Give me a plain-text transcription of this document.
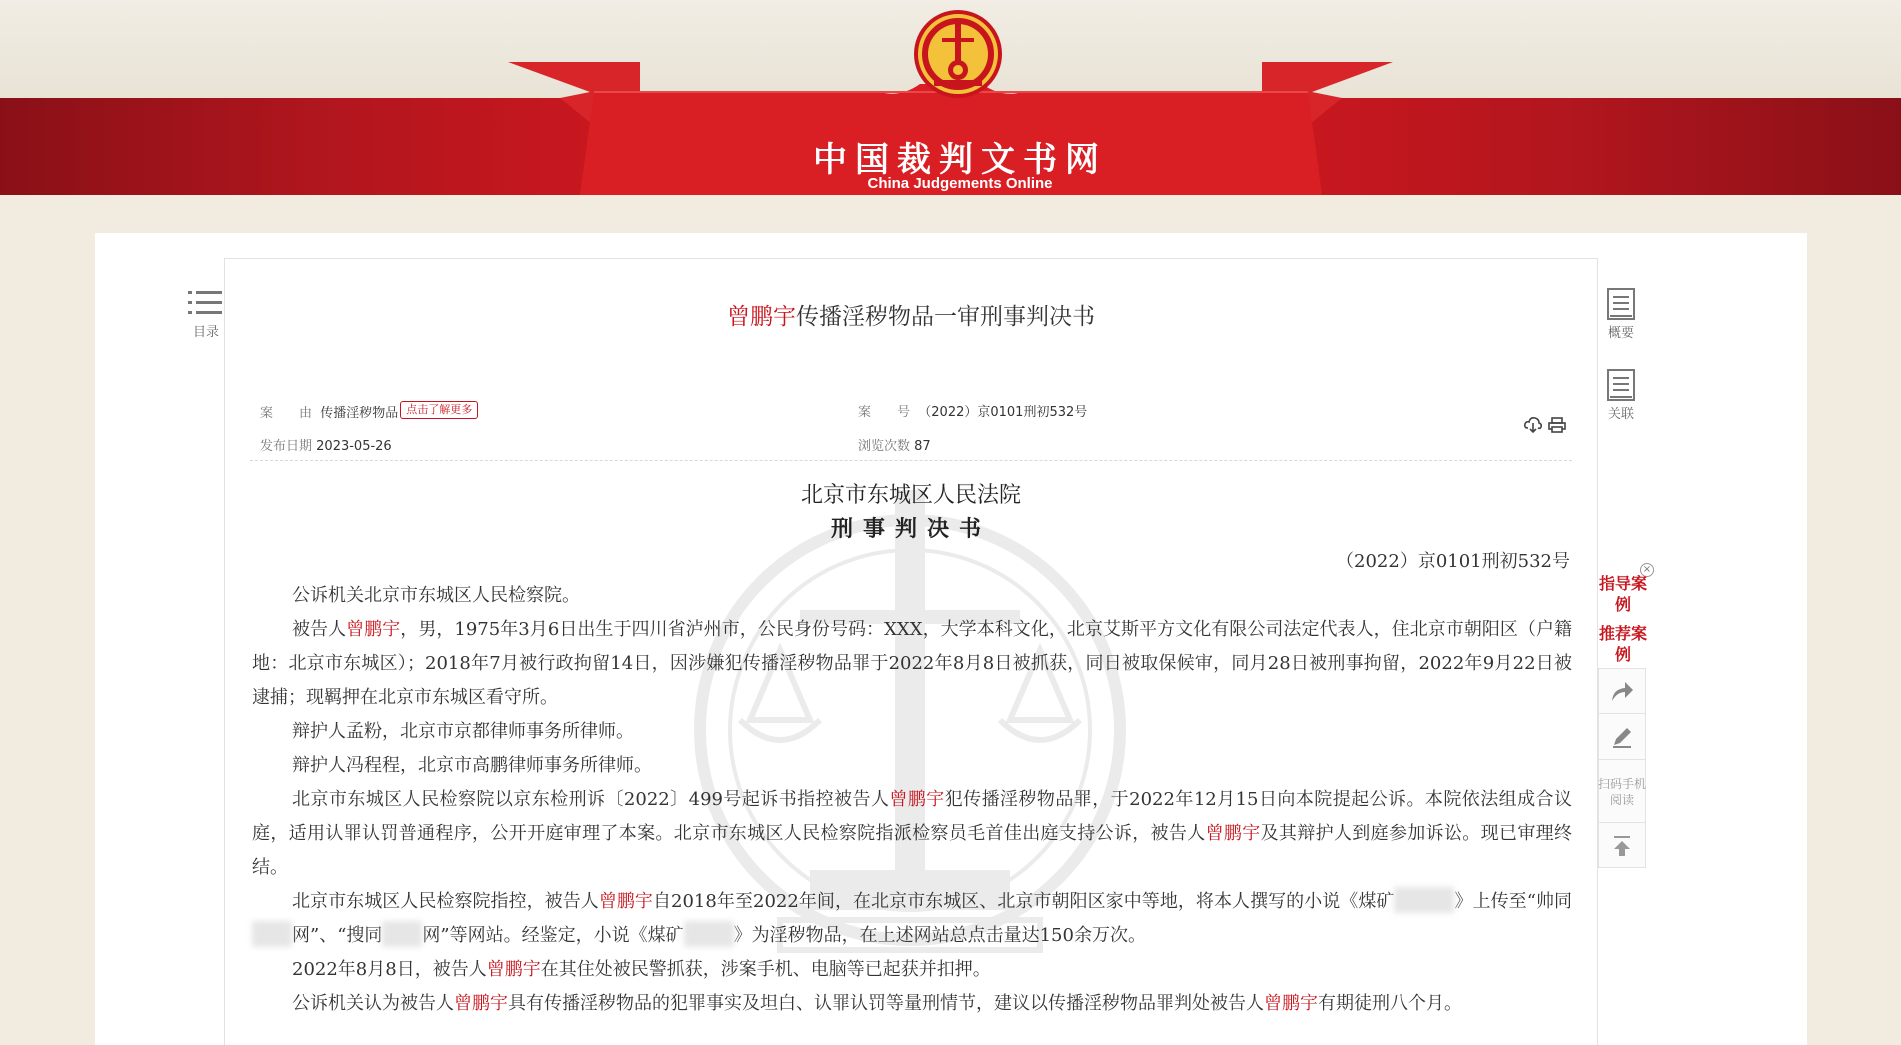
中国裁判文书网
China Judgements Online
目录	概要
关联
×
指导案例
推荐案例
扫码手机阅读
曾鹏宇传播淫秽物品一审刑事判决书
案　　由 传播淫秽物品 点击了解更多	案　　号 （2022）京0101刑初532号
发布日期 2023-05-26	浏览次数 87
北京市东城区人民法院
刑事判决书
（2022）京0101刑初532号

公诉机关北京市东城区人民检察院。

被告人曾鹏宇，男，1975年3月6日出生于四川省泸州市，公民身份号码：XXX，大学本科文化，北京艾斯平方文化有限公司法定代表人，住北京市朝阳区（户籍地：北京市东城区）；2018年7月被行政拘留14日，因涉嫌犯传播淫秽物品罪于2022年8月8日被抓获，同日被取保候审，同月28日被刑事拘留，2022年9月22日被逮捕；现羁押在北京市东城区看守所。

辩护人孟粉，北京市京都律师事务所律师。

辩护人冯程程，北京市高鹏律师事务所律师。

北京市东城区人民检察院以京东检刑诉〔2022〕499号起诉书指控被告人曾鹏宇犯传播淫秽物品罪，于2022年12月15日向本院提起公诉。本院依法组成合议庭，适用认罪认罚普通程序，公开开庭审理了本案。北京市东城区人民检察院指派检察员毛首佳出庭支持公诉，被告人曾鹏宇及其辩护人到庭参加诉讼。现已审理终结。

北京市东城区人民检察院指控，被告人曾鹏宇自2018年至2022年间，在北京市东城区、北京市朝阳区家中等地，将本人撰写的小说《煤矿	》上传至“帅同网”、“搜同 网”等网站。经鉴定，小说《煤矿	》为淫秽物品，在上述网站总点击量达150余万次。

2022年8月8日，被告人曾鹏宇在其住处被民警抓获，涉案手机、电脑等已起获并扣押。

公诉机关认为被告人曾鹏宇具有传播淫秽物品的犯罪事实及坦白、认罪认罚等量刑情节，建议以传播淫秽物品罪判处被告人曾鹏宇有期徒刑八个月。
